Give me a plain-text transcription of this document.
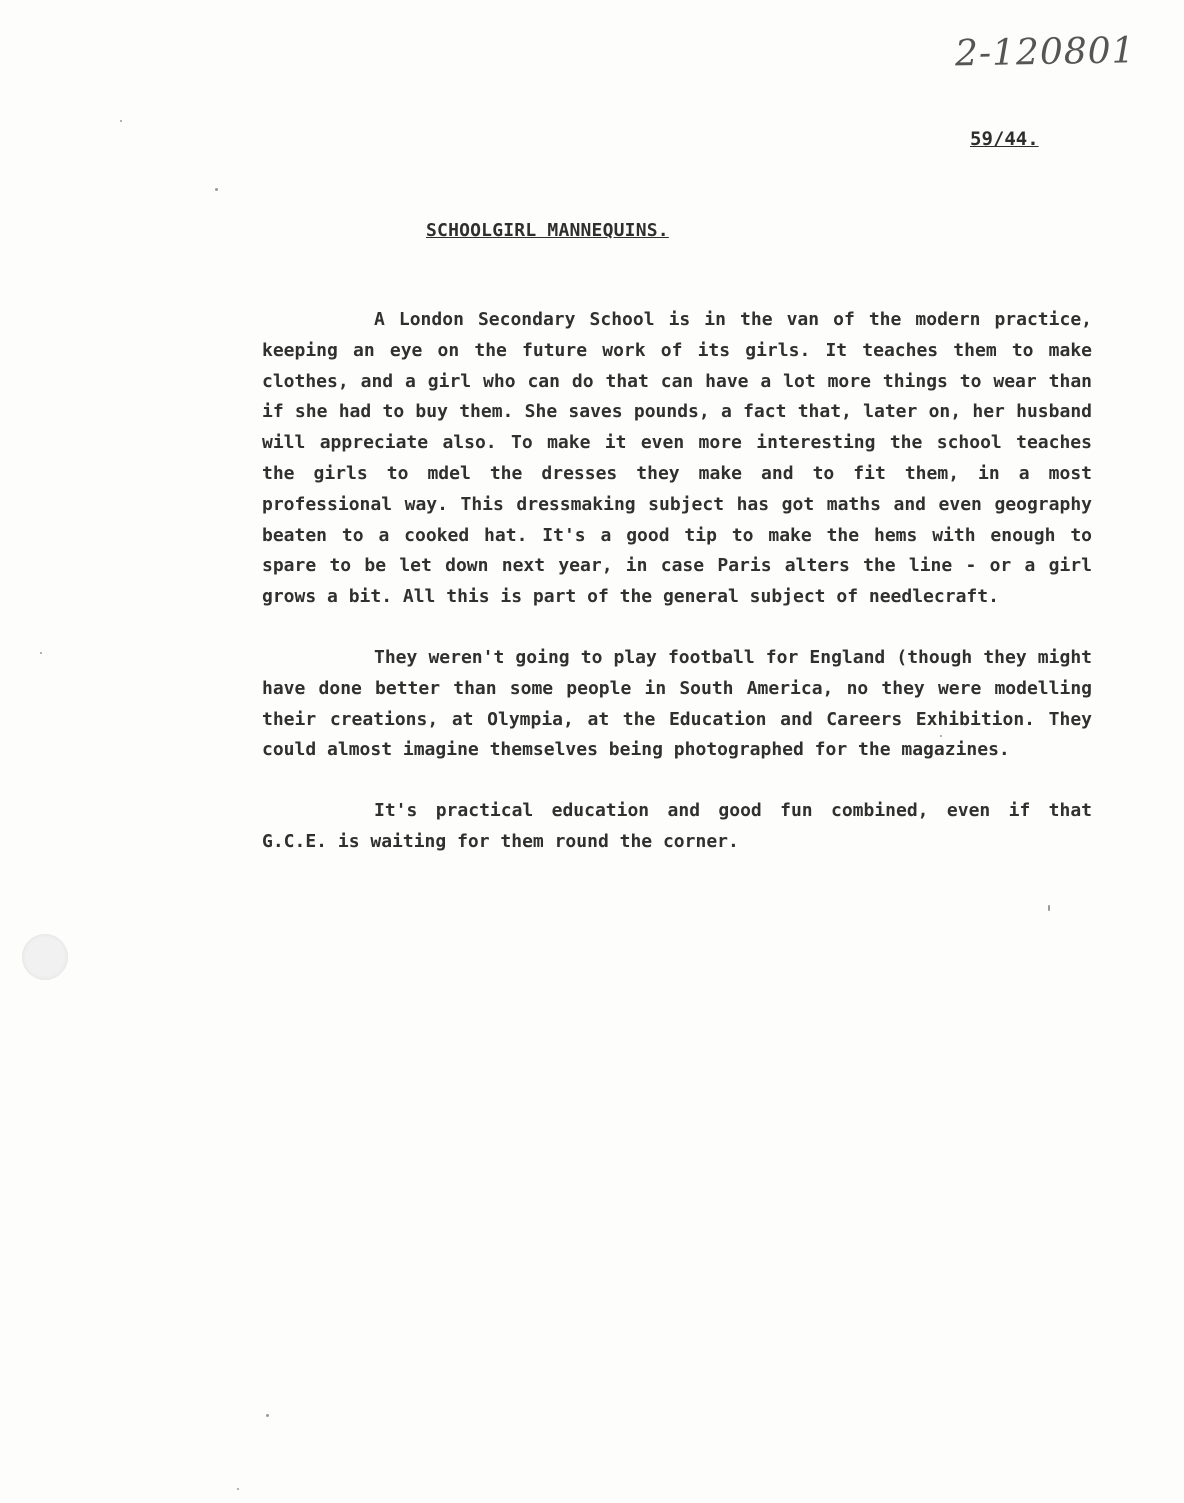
2-120801
59/44.
SCHOOLGIRL MANNEQUINS.

A London Secondary School is in the van of the modern practice, keeping an eye on the future work of its girls. It teaches them to make clothes, and a girl who can do that can have a lot more things to wear than if she had to buy them. She saves pounds, a fact that, later on, her husband will appreciate also. To make it even more interesting the school teaches the girls to mdel the dresses they make and to fit them, in a most professional way. This dressmaking subject has got maths and even geography beaten to a cooked hat. It's a good tip to make the hems with enough to spare to be let down next year, in case Paris alters the line - or a girl grows a bit. All this is part of the general subject of needlecraft.

They weren't going to play football for England (though they might have done better than some people in South America, no they were modelling their creations, at Olympia, at the Education and Careers Exhibition. They could almost imagine themselves being photographed for the magazines.

It's practical education and good fun combined, even if that G.C.E. is waiting for them round the corner.
